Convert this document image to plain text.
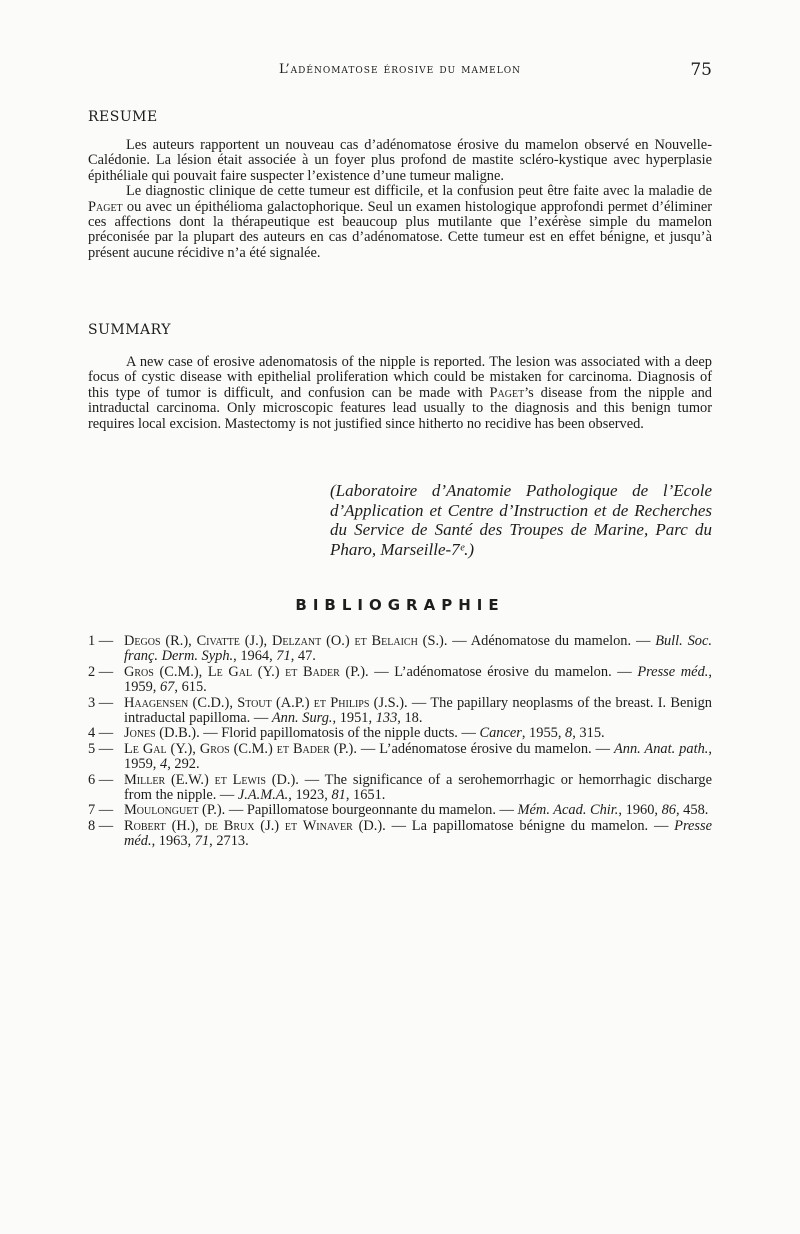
L’adénomatose érosive du mamelon	75
RESUME

Les auteurs rapportent un nouveau cas d’adénomatose érosive du mamelon observé en Nouvelle-Calédonie. La lésion était associée à un foyer plus profond de mastite scléro-kystique avec hyperplasie épithéliale qui pouvait faire suspecter l’existence d’une tumeur maligne.

Le diagnostic clinique de cette tumeur est difficile, et la confusion peut être faite avec la maladie de Paget ou avec un épithélioma galactophorique. Seul un examen histologique approfondi permet d’éliminer ces affections dont la thérapeutique est beaucoup plus mutilante que l’exérèse simple du mamelon préconisée par la plupart des auteurs en cas d’adénomatose. Cette tumeur est en effet bénigne, et jusqu’à présent aucune récidive n’a été signalée.

SUMMARY

A new case of erosive adenomatosis of the nipple is reported. The lesion was associated with a deep focus of cystic disease with epithelial proliferation which could be mistaken for carcinoma. Diagnosis of this type of tumor is difficult, and confusion can be made with Paget’s disease from the nipple and intraductal carcinoma. Only microscopic features lead usually to the diagnosis and this benign tumor requires local excision. Mastectomy is not justified since hitherto no recidive has been observed.

(Laboratoire d’Anatomie Pathologique de l’Ecole d’Application et Centre d’Instruction et de Recherches du Service de Santé des Troupes de Marine, Parc du Pharo, Marseille-7ᵉ.)
BIBLIOGRAPHIE
1 — Degos (R.), Civatte (J.), Delzant (O.) et Belaich (S.). — Adénomatose du mamelon. — Bull. Soc. franç. Derm. Syph., 1964, 71, 47.
2 — Gros (C.M.), Le Gal (Y.) et Bader (P.). — L’adénomatose érosive du mamelon. — Presse méd., 1959, 67, 615.
3 — Haagensen (C.D.), Stout (A.P.) et Philips (J.S.). — The papillary neoplasms of the breast. I. Benign intraductal papilloma. — Ann. Surg., 1951, 133, 18.
4 — Jones (D.B.). — Florid papillomatosis of the nipple ducts. — Cancer, 1955, 8, 315.
5 — Le Gal (Y.), Gros (C.M.) et Bader (P.). — L’adénomatose érosive du mamelon. — Ann. Anat. path., 1959, 4, 292.
6 — Miller (E.W.) et Lewis (D.). — The significance of a serohemorrhagic or hemorrhagic discharge from the nipple. — J.A.M.A., 1923, 81, 1651.
7 — Moulonguet (P.). — Papillomatose bourgeonnante du mamelon. — Mém. Acad. Chir., 1960, 86, 458.
8 — Robert (H.), de Brux (J.) et Winaver (D.). — La papillomatose bénigne du mamelon. — Presse méd., 1963, 71, 2713.
